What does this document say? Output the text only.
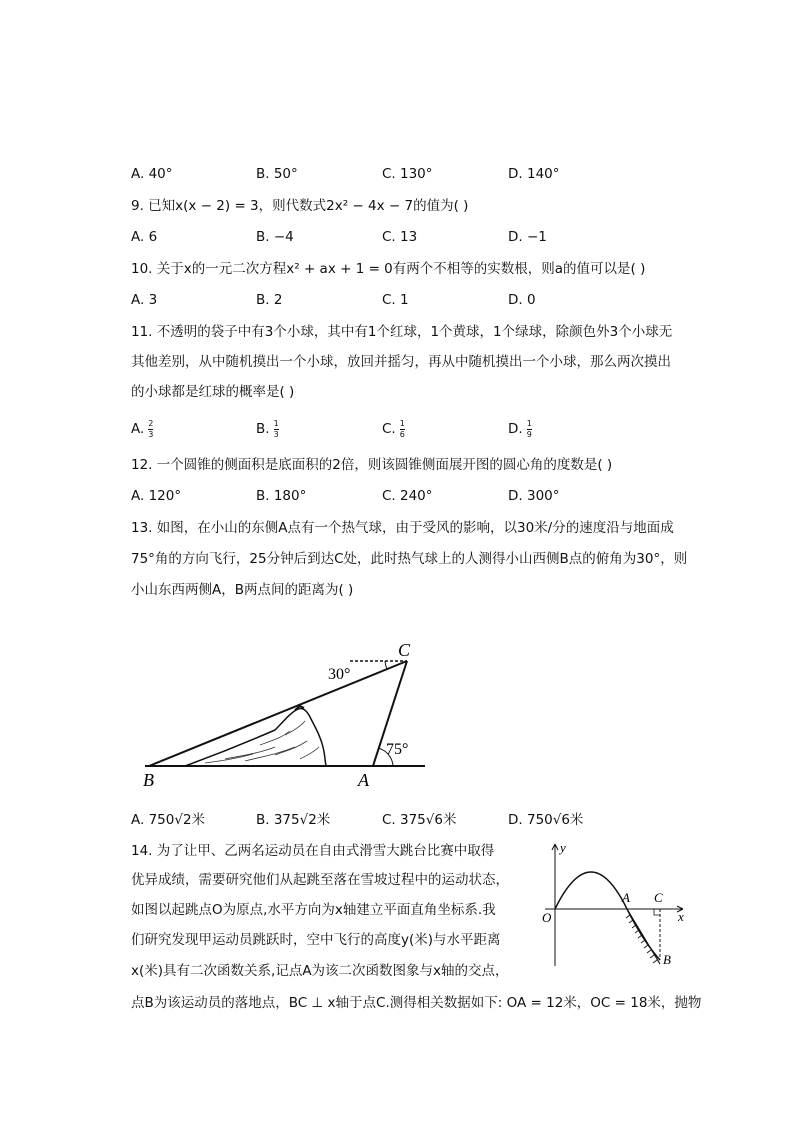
A. 40°	B. 50°	C. 130°	D. 140°
9. 已知x(x − 2) = 3，则代数式2x² − 4x − 7的值为( )
A. 6	B. −4	C. 13	D. −1
10. 关于x的一元二次方程x² + ax + 1 = 0有两个不相等的实数根，则a的值可以是( )
A. 3	B. 2	C. 1	D. 0
11. 不透明的袋子中有3个小球，其中有1个红球，1个黄球，1个绿球，除颜色外3个小球无
其他差别，从中随机摸出一个小球，放回并摇匀，再从中随机摸出一个小球，那么两次摸出
的小球都是红球的概率是( )
A. $\frac{2}{3}$	B. $\frac{1}{3}$	C. $\frac{1}{6}$	D. $\frac{1}{9}$
12. 一个圆锥的侧面积是底面积的2倍，则该圆锥侧面展开图的圆心角的度数是( )
A. 120°	B. 180°	C. 240°	D. 300°
13. 如图，在小山的东侧A点有一个热气球，由于受风的影响，以30米/分的速度沿与地面成
75°角的方向飞行，25分钟后到达C处，此时热气球上的人测得小山西侧B点的俯角为30°，则
小山东西两侧A，B两点间的距离为( )
B	A
C
30°
75°
A. 750√2米	B. 375√2米	C. 375√6米	D. 750√6米
14. 为了让甲、乙两名运动员在自由式滑雪大跳台比赛中取得
优异成绩，需要研究他们从起跳至落在雪坡过程中的运动状态，
如图以起跳点O为原点,水平方向为x轴建立平面直角坐标系.我
们研究发现甲运动员跳跃时，空中飞行的高度y(米)与水平距离
x(米)具有二次函数关系,记点A为该二次函数图象与x轴的交点，
点B为该运动员的落地点，BC ⊥ x轴于点C.测得相关数据如下: OA = 12米，OC = 18米，抛物
y
x
O
A C
B
